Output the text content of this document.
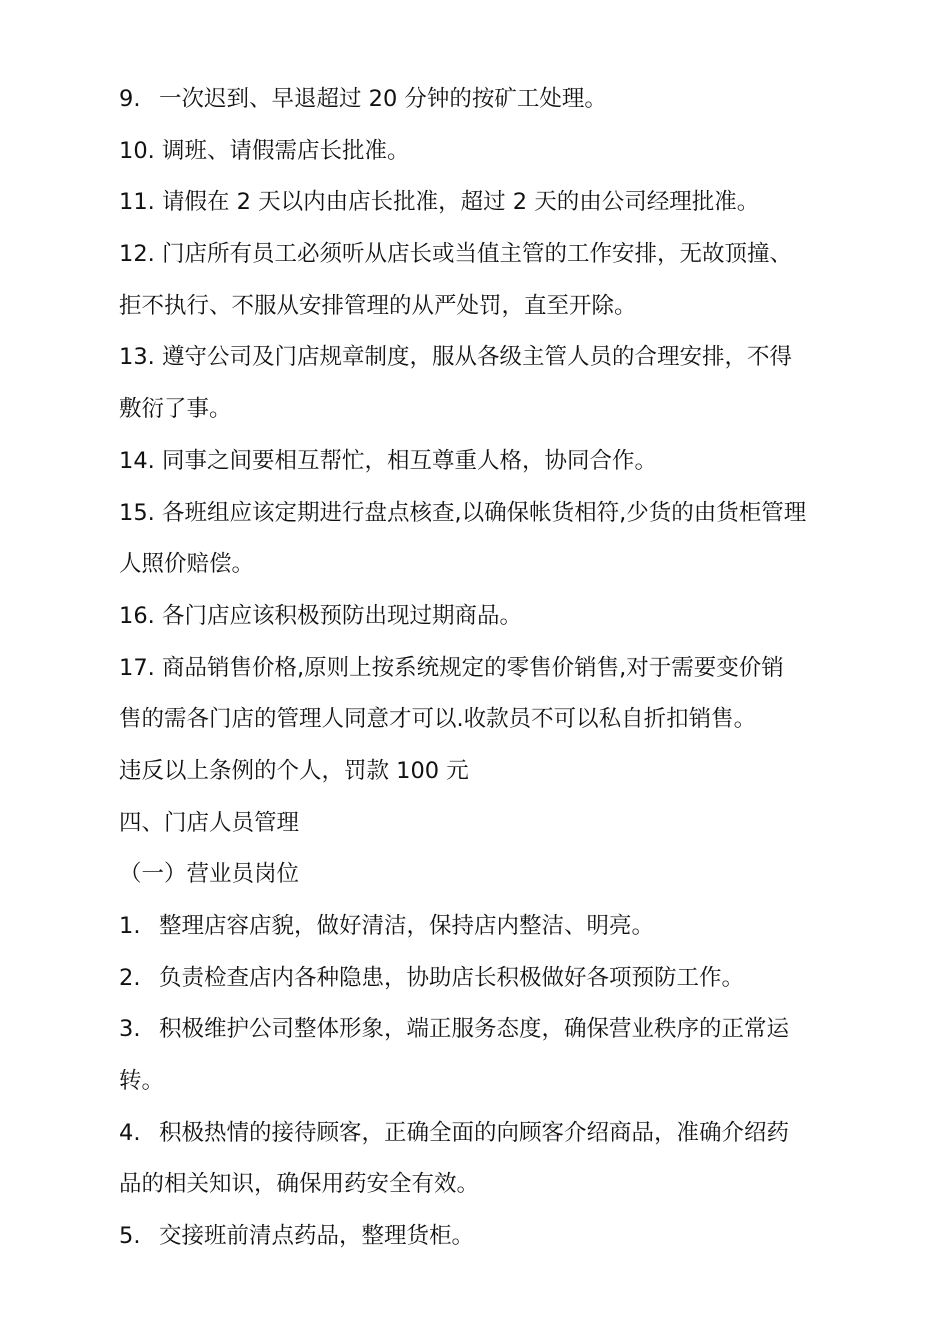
9. 一次迟到、早退超过 20 分钟的按矿工处理。
10. 调班、请假需店长批准。
11. 请假在 2 天以内由店长批准，超过 2 天的由公司经理批准。
12. 门店所有员工必须听从店长或当值主管的工作安排，无故顶撞、
拒不执行、不服从安排管理的从严处罚，直至开除。
13. 遵守公司及门店规章制度，服从各级主管人员的合理安排，不得
敷衍了事。
14. 同事之间要相互帮忙，相互尊重人格，协同合作。
15. 各班组应该定期进行盘点核查,以确保帐货相符,少货的由货柜管理
人照价赔偿。
16. 各门店应该积极预防出现过期商品。
17. 商品销售价格,原则上按系统规定的零售价销售,对于需要变价销
售的需各门店的管理人同意才可以.收款员不可以私自折扣销售。
违反以上条例的个人，罚款 100 元
四、门店人员管理
（一）营业员岗位
1. 整理店容店貌，做好清洁，保持店内整洁、明亮。
2. 负责检查店内各种隐患，协助店长积极做好各项预防工作。
3. 积极维护公司整体形象，端正服务态度，确保营业秩序的正常运
转。
4. 积极热情的接待顾客，正确全面的向顾客介绍商品，准确介绍药
品的相关知识，确保用药安全有效。
5. 交接班前清点药品，整理货柜。
